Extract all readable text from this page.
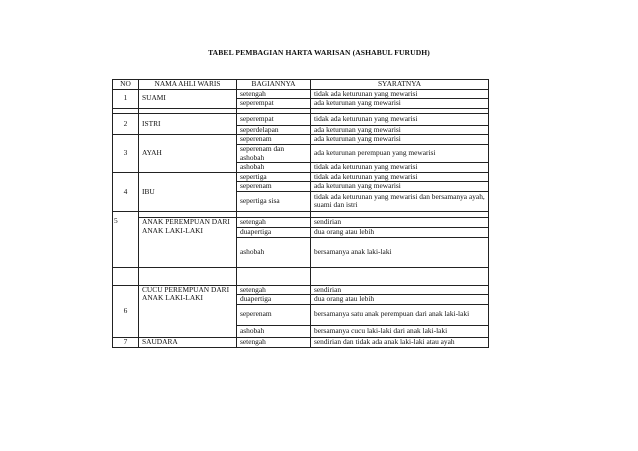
TABEL PEMBAGIAN HARTA WARISAN (ASHABUL FURUDH)
NO	NAMA AHLI WARIS	BAGIANNYA	SYARATNYA
1	SUAMI	setengah	tidak ada keturunan yang mewarisi
		seperempat	ada keturunan yang mewarisi

2	ISTRI	seperempat	tidak ada keturunan yang mewarisi
		seperdelapan	ada keturunan yang mewarisi
3	AYAH	seperenam	ada keturunan yang mewarisi
		seperenam dan ashobah	ada keturunan perempuan yang mewarisi
		ashobah	tidak ada keturunan yang mewarisi
4	IBU	sepertiga	tidak ada keturunan yang mewarisi
		seperenam	ada keturunan yang mewarisi
		sepertiga sisa	tidak ada keturunan yang mewarisi dan bersamanya ayah, suami dan istri

5	ANAK PEREMPUAN DARI ANAK LAKI-LAKI	setengah	sendirian
		duapertiga	dua orang atau lebih
		ashobah	bersamanya anak laki-laki

6	CUCU PEREMPUAN DARI ANAK LAKI-LAKI	setengah	sendirian
		duapertiga	dua orang atau lebih
		seperenam	bersamanya satu anak perempuan dari anak laki-laki
		ashobah	bersamanya cucu laki-laki dari anak laki-laki
7	SAUDARA	setengah	sendirian dan tidak ada anak laki-laki atau ayah
